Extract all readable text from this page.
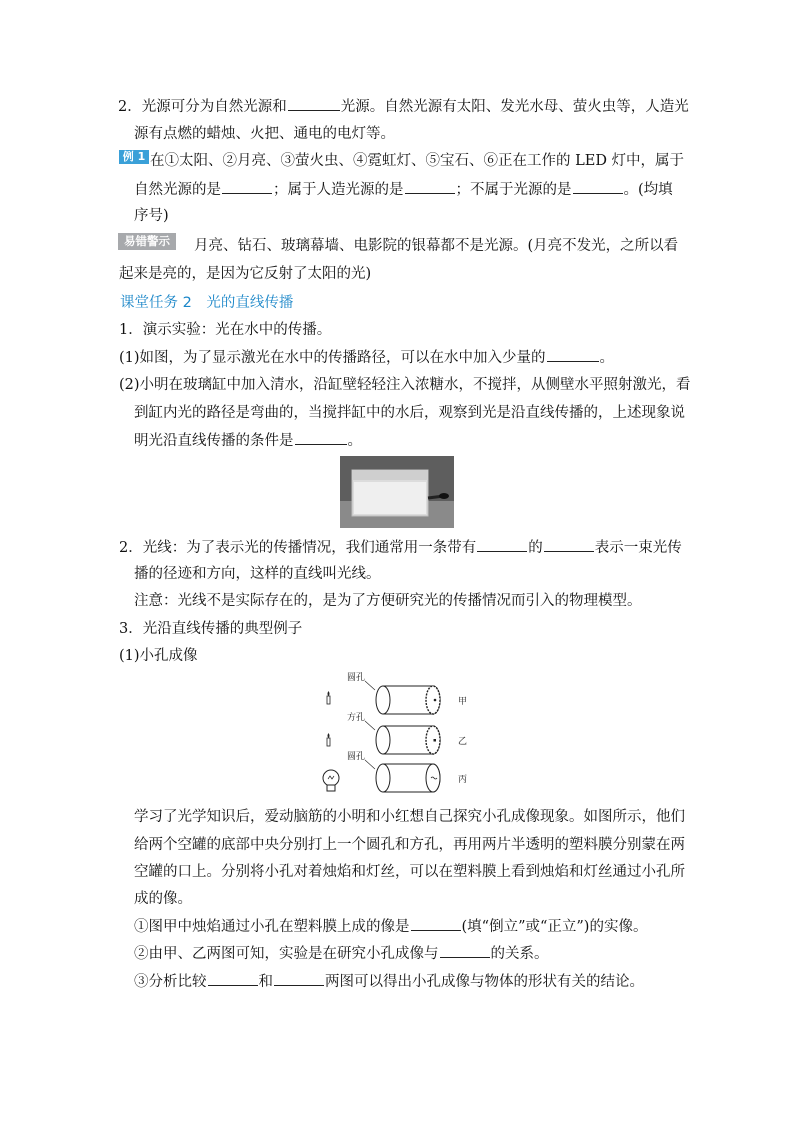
2．光源可分为自然光源和	光源。自然光源有太阳、发光水母、萤火虫等，人造光
源有点燃的蜡烛、火把、通电的电灯等。
例 1 在①太阳、②月亮、③萤火虫、④霓虹灯、⑤宝石、⑥正在工作的 LED 灯中，属于
自然光源的是	；属于人造光源的是	；不属于光源的是	。(均填
序号)
易错警示	月亮、钻石、玻璃幕墙、电影院的银幕都不是光源。(月亮不发光，之所以看
起来是亮的，是因为它反射了太阳的光)
课堂任务 2　光的直线传播
1．演示实验：光在水中的传播。
(1)如图，为了显示激光在水中的传播路径，可以在水中加入少量的	。
(2)小明在玻璃缸中加入清水，沿缸壁轻轻注入浓糖水，不搅拌，从侧壁水平照射激光，看
到缸内光的路径是弯曲的，当搅拌缸中的水后，观察到光是沿直线传播的，上述现象说
明光沿直线传播的条件是	。
2．光线：为了表示光的传播情况，我们通常用一条带有	的	表示一束光传
播的径迹和方向，这样的直线叫光线。
注意：光线不是实际存在的，是为了方便研究光的传播情况而引入的物理模型。
3．光沿直线传播的典型例子
(1)小孔成像
圆孔
方孔
圆孔
甲
乙
丙
学习了光学知识后，爱动脑筋的小明和小红想自己探究小孔成像现象。如图所示，他们
给两个空罐的底部中央分别打上一个圆孔和方孔，再用两片半透明的塑料膜分别蒙在两
空罐的口上。分别将小孔对着烛焰和灯丝，可以在塑料膜上看到烛焰和灯丝通过小孔所
成的像。
①图甲中烛焰通过小孔在塑料膜上成的像是	(填“倒立”或“正立”)的实像。
②由甲、乙两图可知，实验是在研究小孔成像与	的关系。
③分析比较	和	两图可以得出小孔成像与物体的形状有关的结论。
